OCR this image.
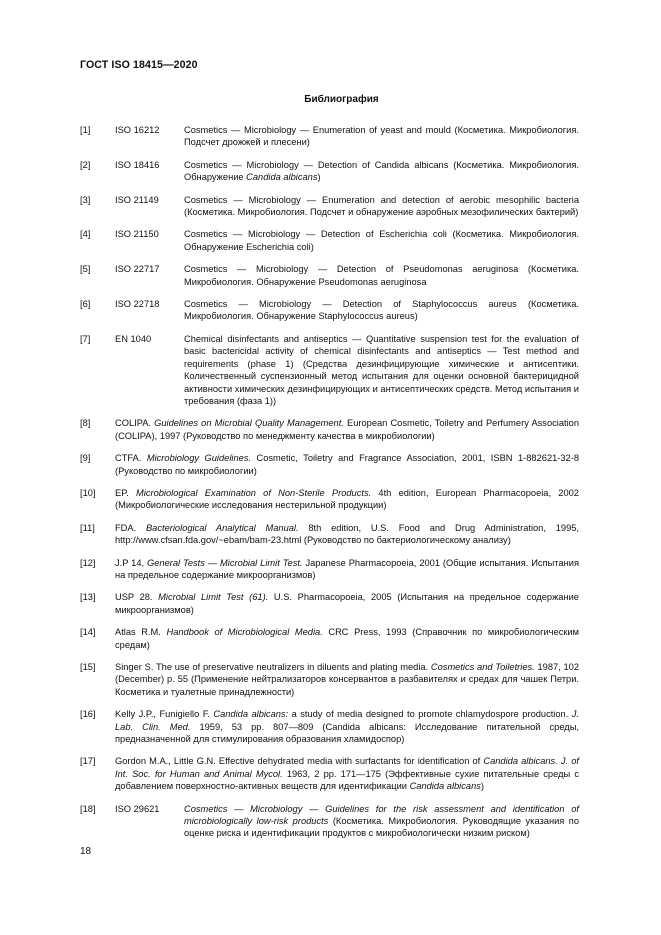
ГОСТ ISO 18415—2020
Библиография
[1]	ISO 16212	Cosmetics — Microbiology — Enumeration of yeast and mould (Косметика. Микробиология. Подсчет дрожжей и плесени)
[2]	ISO 18416	Cosmetics — Microbiology — Detection of Candida albicans (Косметика. Микробиология. Обнаружение Candida albicans)
[3]	ISO 21149	Cosmetics — Microbiology — Enumeration and detection of aerobic mesophilic bacteria (Косметика. Микробиология. Подсчет и обнаружение аэробных мезофилических бактерий)
[4]	ISO 21150	Cosmetics — Microbiology — Detection of Escherichia coli (Косметика. Микробиология. Обнаружение Escherichia coli)
[5]	ISO 22717	Cosmetics — Microbiology — Detection of Pseudomonas aeruginosa (Косметика. Микробиология. Обнаружение Pseudomonas aeruginosa
[6]	ISO 22718	Cosmetics — Microbiology — Detection of Staphylococcus aureus (Косметика. Микробиология. Обнаружение Staphylococcus aureus)
[7]	EN 1040	Chemical disinfectants and antiseptics — Quantitative suspension test for the evaluation of basic bactericidal activity of chemical disinfectants and antiseptics — Test method and requirements (phase 1) (Средства дезинфицирующие химические и антисептики. Количественный суспензионный метод испытания для оценки основной бактерицидной активности химических дезинфицирующих и антисептических средств. Метод испытания и требования (фаза 1))
[8]	COLIPA. Guidelines on Microbial Quality Management. European Cosmetic, Toiletry and Perfumery Association (COLIPA), 1997 (Руководство по менеджменту качества в микробиологии)
[9]	CTFA. Microbiology Guidelines. Cosmetic, Toiletry and Fragrance Association, 2001, ISBN 1-882621-32-8 (Руководство по микробиологии)
[10] EP. Microbiological Examination of Non-Sterile Products. 4th edition, European Pharmacopoeia, 2002 (Микробиологические исследования нестерильной продукции)
[11] FDA. Bacteriological Analytical Manual. 8th edition, U.S. Food and Drug Administration, 1995, http://www.cfsan.fda.gov/~ebam/bam-23.html (Руководство по бактериологическому анализу)
[12] J.P 14, General Tests — Microbial Limit Test. Japanese Pharmacopoeia, 2001 (Общие испытания. Испытания на предельное содержание микроорганизмов)
[13] USP 28. Microbial Limit Test (61). U.S. Pharmacopoeia, 2005 (Испытания на предельное содержание микроорганизмов)
[14] Atlas R.M. Handbook of Microbiological Media. CRC Press, 1993 (Справочник по микробиологическим средам)
[15] Singer S. The use of preservative neutralizers in diluents and plating media. Cosmetics and Toiletries. 1987, 102 (December) p. 55 (Применение нейтрализаторов консервантов в разбавителях и средах для чашек Петри. Косметика и туалетные принадлежности)
[16] Kelly J.P., Funigiello F. Candida albicans: a study of media designed to promote chlamydospore production. J. Lab. Clin. Med. 1959, 53 pp. 807—809 (Candida albicans: Исследование питательной среды, предназначенной для стимулирования образования хламидоспор)
[17] Gordon M.A., Little G.N. Effective dehydrated media with surfactants for identification of Candida albicans. J. of Int. Soc. for Human and Animal Mycol. 1963, 2 pp. 171—175 (Эффективные сухие питательные среды с добавлением поверхностно-активных веществ для идентификации Candida albicans)
[18] ISO 29621	Cosmetics — Microbiology — Guidelines for the risk assessment and identification of microbiologically low-risk products (Косметика. Микробиология. Руководящие указания по оценке риска и идентификации продуктов с микробиологически низким риском)
18
